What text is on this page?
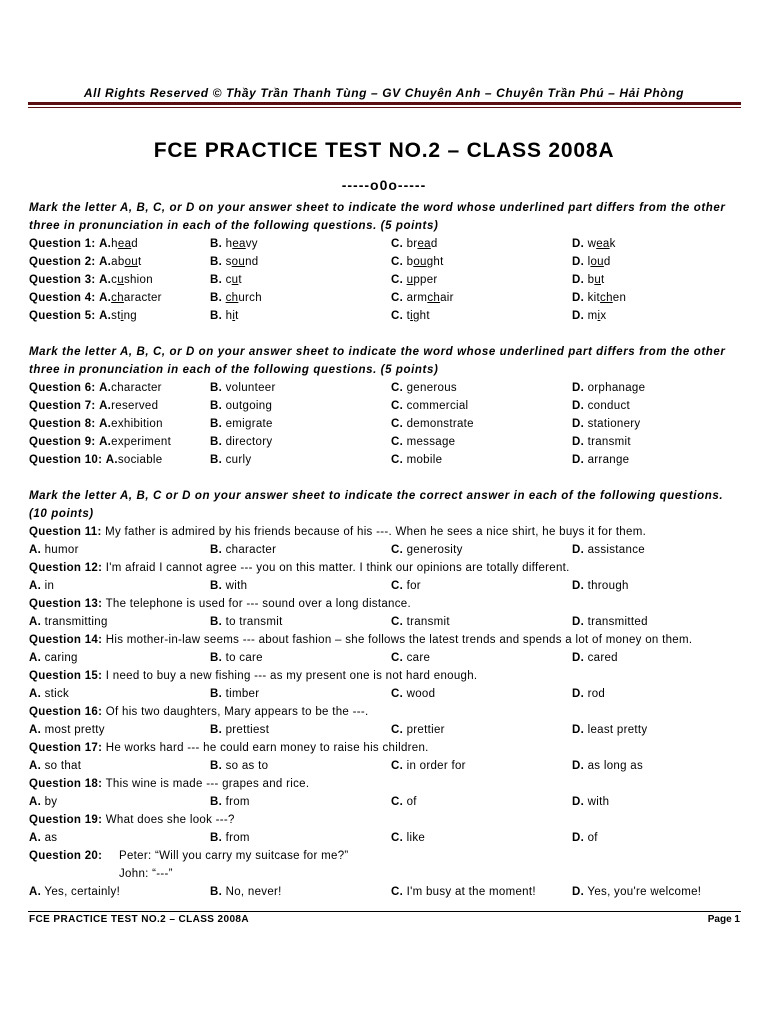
All Rights Reserved © Thầy Trần Thanh Tùng – GV Chuyên Anh – Chuyên Trần Phú – Hải Phòng
FCE PRACTICE TEST NO.2 – CLASS 2008A
-----o0o-----
Mark the letter A, B, C, or D on your answer sheet to indicate the word whose underlined part differs from the other three in pronunciation in each of the following questions. (5 points)
Question 1: A.head	B. heavy	C. bread	D. weak
Question 2: A.about	B. sound	C. bought	D. loud
Question 3: A.cushion	B. cut	C. upper	D. but
Question 4: A.character	B. church	C. armchair	D. kitchen
Question 5: A.sting	B. hit	C. tight	D. mix
Mark the letter A, B, C, or D on your answer sheet to indicate the word whose underlined part differs from the other three in pronunciation in each of the following questions. (5 points)
Question 6: A.character	B. volunteer	C. generous	D. orphanage
Question 7: A.reserved	B. outgoing	C. commercial	D. conduct
Question 8: A.exhibition	B. emigrate	C. demonstrate	D. stationery
Question 9: A.experiment	B. directory	C. message	D. transmit
Question 10: A.sociable	B. curly	C. mobile	D. arrange
Mark the letter A, B, C or D on your answer sheet to indicate the correct answer in each of the following questions. (10 points)
Question 11: My father is admired by his friends because of his ---. When he sees a nice shirt, he buys it for them.
A. humor	B. character	C. generosity	D. assistance
Question 12: I'm afraid I cannot agree --- you on this matter. I think our opinions are totally different.
A. in	B. with	C. for	D. through
Question 13: The telephone is used for --- sound over a long distance.
A. transmitting	B. to transmit	C. transmit	D. transmitted
Question 14: His mother-in-law seems --- about fashion – she follows the latest trends and spends a lot of money on them.
A. caring	B. to care	C. care	D. cared
Question 15: I need to buy a new fishing --- as my present one is not hard enough.
A. stick	B. timber	C. wood	D. rod
Question 16: Of his two daughters, Mary appears to be the ---.
A. most pretty	B. prettiest	C. prettier	D. least pretty
Question 17: He works hard --- he could earn money to raise his children.
A. so that	B. so as to	C. in order for	D. as long as
Question 18: This wine is made --- grapes and rice.
A. by	B. from	C. of	D. with
Question 19: What does she look ---?
A. as	B. from	C. like	D. of
Question 20: Peter: “Will you carry my suitcase for me?”
John: “---”
A. Yes, certainly!	B. No, never!	C. I'm busy at the moment!	D. Yes, you're welcome!
FCE PRACTICE TEST NO.2 – CLASS 2008A	Page 1
